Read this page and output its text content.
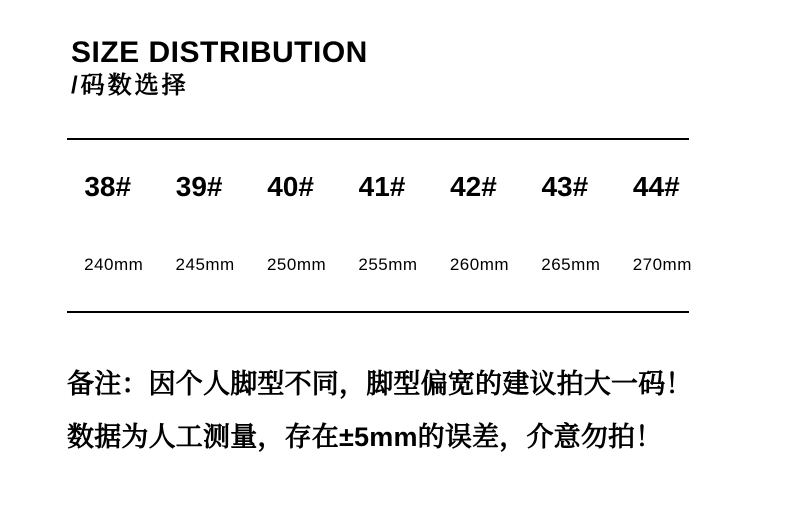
SIZE DISTRIBUTION
/码数选择
38#	39#	40#	41#	42#	43#	44#
240mm	245mm	250mm	255mm	260mm	265mm	270mm
备注：因个人脚型不同，脚型偏宽的建议拍大一码！
数据为人工测量，存在±5mm的误差，介意勿拍！
